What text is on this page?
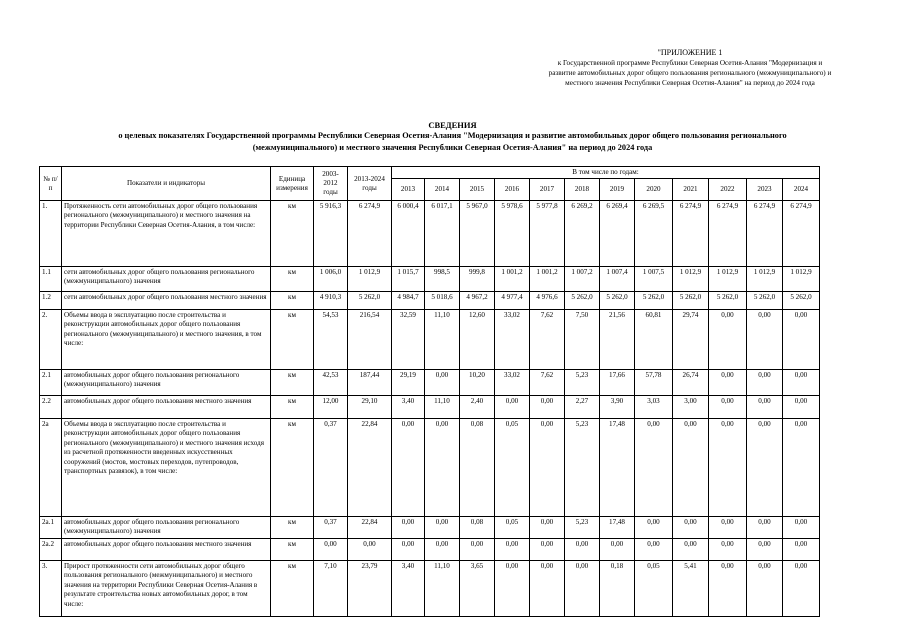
"ПРИЛОЖЕНИЕ 1
к Государственной программе Республики Северная Осетия-Алания "Модернизация и
развитие автомобильных дорог общего пользования регионального (межмуниципального) и
местного значения Республики Северная Осетия-Алания" на период до 2024 года
СВЕДЕНИЯ
о целевых показателях Государственной программы Республики Северная Осетия-Алания "Модернизация и развитие автомобильных дорог общего пользования регионального
(межмуниципального) и местного значения Республики Северная Осетия-Алания" на период до 2024 года
№ п/п	Показатели и индикаторы	Единица измерения	2003-2012 годы	2013-2024 годы	В том числе по годам:											
					2013	2014	2015	2016	2017	2018	2019	2020	2021	2022	2023	2024
1.	Протяженность сети автомобильных дорог общего пользования регионального (межмуниципального) и местного значения на территории Республики Северная Осетия-Алания, в том числе:	км	5 916,3	6 274,9	6 000,4	6 017,1	5 967,0	5 978,6	5 977,8	6 269,2	6 269,4	6 269,5	6 274,9	6 274,9	6 274,9	6 274,9
1.1	сети автомобильных дорог общего пользования регионального (межмуниципального) значения	км	1 006,0	1 012,9	1 015,7	998,5	999,8	1 001,2	1 001,2	1 007,2	1 007,4	1 007,5	1 012,9	1 012,9	1 012,9	1 012,9
1.2	сети автомобильных дорог общего пользования местного значения	км	4 910,3	5 262,0	4 984,7	5 018,6	4 967,2	4 977,4	4 976,6	5 262,0	5 262,0	5 262,0	5 262,0	5 262,0	5 262,0	5 262,0
2.	Объемы ввода в эксплуатацию после строительства и реконструкции автомобильных дорог общего пользования регионального (межмуниципального) и местного значения, в том числе:	км	54,53	216,54	32,59	11,10	12,60	33,02	7,62	7,50	21,56	60,81	29,74	0,00	0,00	0,00
2.1	автомобильных дорог общего пользования регионального (межмуниципального) значения	км	42,53	187,44	29,19	0,00	10,20	33,02	7,62	5,23	17,66	57,78	26,74	0,00	0,00	0,00
2.2	автомобильных дорог общего пользования местного значения	км	12,00	29,10	3,40	11,10	2,40	0,00	0,00	2,27	3,90	3,03	3,00	0,00	0,00	0,00
2а	Объемы ввода в эксплуатацию после строительства и реконструкции автомобильных дорог общего пользования регионального (межмуниципального) и местного значения исходя из расчетной протяженности введенных искусственных сооружений (мостов, мостовых переходов, путепроводов, транспортных развязок), в том числе:	км	0,37	22,84	0,00	0,00	0,08	0,05	0,00	5,23	17,48	0,00	0,00	0,00	0,00	0,00
2а.1	автомобильных дорог общего пользования регионального (межмуниципального) значения	км	0,37	22,84	0,00	0,00	0,08	0,05	0,00	5,23	17,48	0,00	0,00	0,00	0,00	0,00
2а.2	автомобильных дорог общего пользования местного значения	км	0,00	0,00	0,00	0,00	0,00	0,00	0,00	0,00	0,00	0,00	0,00	0,00	0,00	0,00
3.	Прирост протяженности сети автомобильных дорог общего пользования регионального (межмуниципального) и местного значения на территории Республики Северная Осетия-Алания в результате строительства новых автомобильных дорог, в том числе:	км	7,10	23,79	3,40	11,10	3,65	0,00	0,00	0,00	0,18	0,05	5,41	0,00	0,00	0,00
